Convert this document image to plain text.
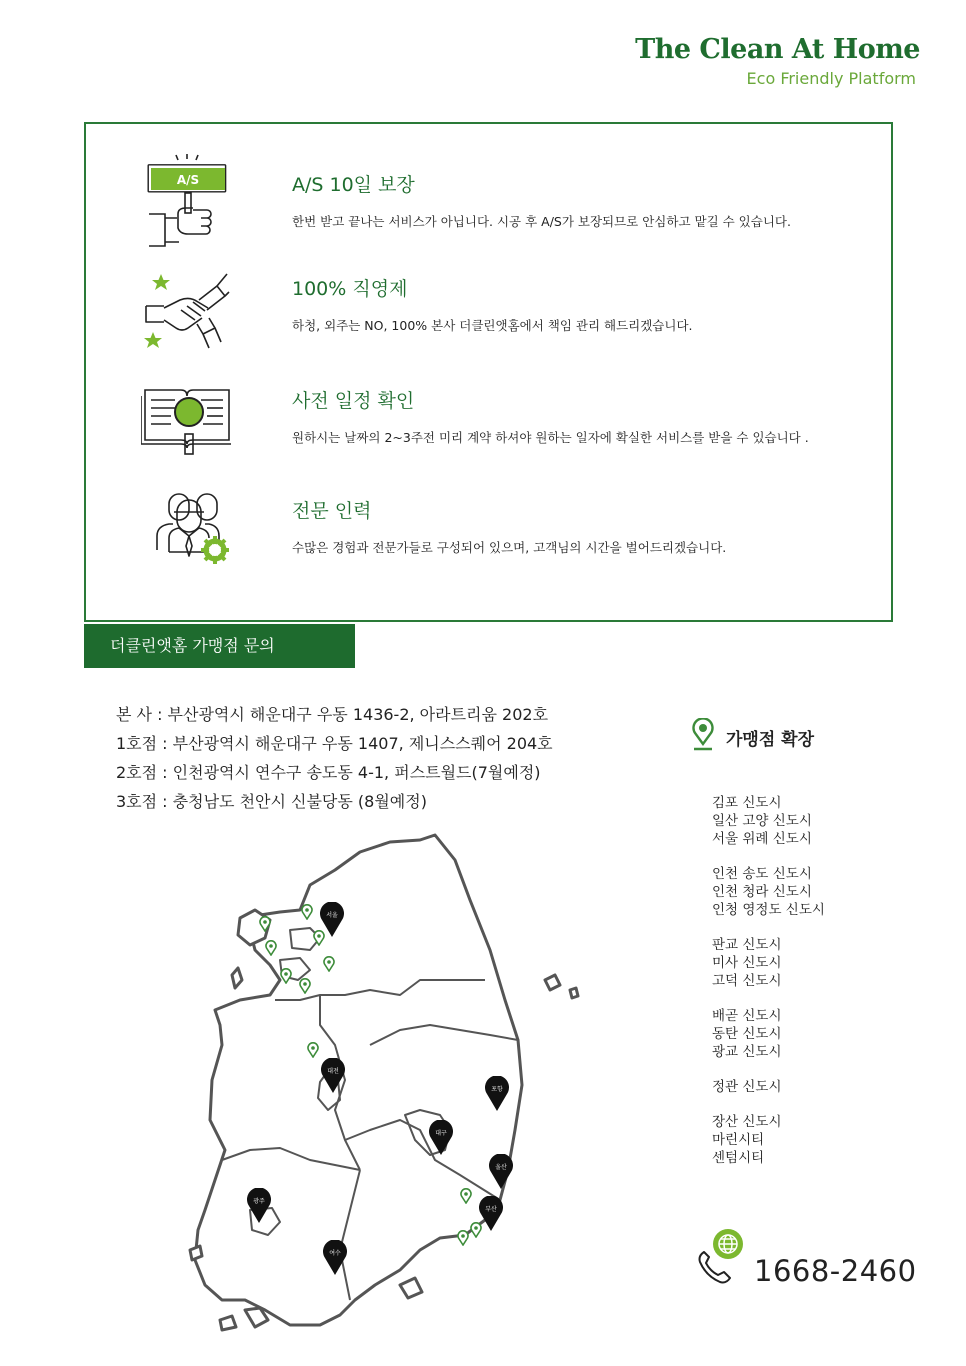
The Clean At Home
Eco Friendly Platform
A/S	A/S 10일 보장
한번 받고 끝나는 서비스가 아닙니다. 시공 후 A/S가 보장되므로 안심하고 맡길 수 있습니다.
100% 직영제
하청, 외주는 NO, 100% 본사 더클린앳홈에서 책임 관리 해드리겠습니다.
사전 일정 확인
원하시는 날짜의 2~3주전 미리 계약 하셔야 원하는 일자에 확실한 서비스를 받을 수 있습니다 .
전문 인력
수많은 경험과 전문가들로 구성되어 있으며, 고객님의 시간을 벌어드리겠습니다.
더클린앳홈 가맹점 문의
본 사 : 부산광역시 해운대구 우동 1436-2, 아라트리움 202호
1호점 : 부산광역시 해운대구 우동 1407, 제니스스퀘어 204호
2호점 : 인천광역시 연수구 송도동 4-1, 퍼스트월드(7월예정)
3호점 : 충청남도 천안시 신불당동 (8월예정)
서울
대전
포항
대구
울산
광주
부산
여수
가맹점 확장
김포 신도시
일산 고양 신도시
서울 위례 신도시
인천 송도 신도시
인천 청라 신도시
인청 영정도 신도시
판교 신도시
미사 신도시
고덕 신도시
배곧 신도시
동탄 신도시
광교 신도시
정관 신도시
장산 신도시
마린시티
센텀시티
1668-2460
